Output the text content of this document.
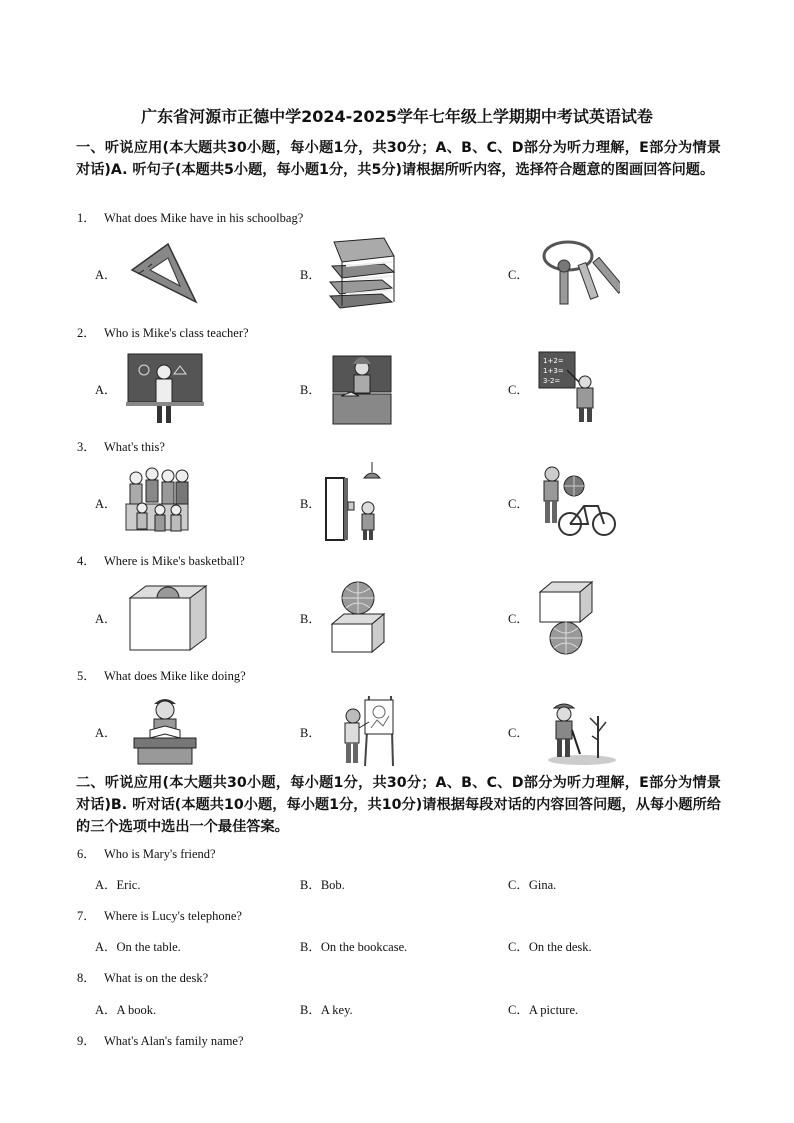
广东省河源市正德中学2024-2025学年七年级上学期期中考试英语试卷
一、听说应用(本大题共30小题，每小题1分，共30分；A、B、C、D部分为听力理解，E部分为情景对话)A. 听句子(本题共5小题，每小题1分，共5分)请根据所听内容，选择符合题意的图画回答问题。
1． What does Mike have in his schoolbag?
A．	B．	C．
2． Who is Mike's class teacher?
A．	B．	C．
1+2=
1+3=
3-2=
3． What's this?
A．	B．	C．
4． Where is Mike's basketball?
A．	B．	C．
5． What does Mike like doing?
A．	B．	C．
二、听说应用(本大题共30小题，每小题1分，共30分；A、B、C、D部分为听力理解，E部分为情景对话)B. 听对话(本题共10小题，每小题1分，共10分)请根据每段对话的内容回答问题，从每小题所给的三个选项中选出一个最佳答案。
6． Who is Mary's friend?
A．Eric.	B．Bob.	C．Gina.
7． Where is Lucy's telephone?
A．On the table.	B．On the bookcase.	C．On the desk.
8． What is on the desk?
A．A book.	B．A key.	C．A picture.
9． What's Alan's family name?
